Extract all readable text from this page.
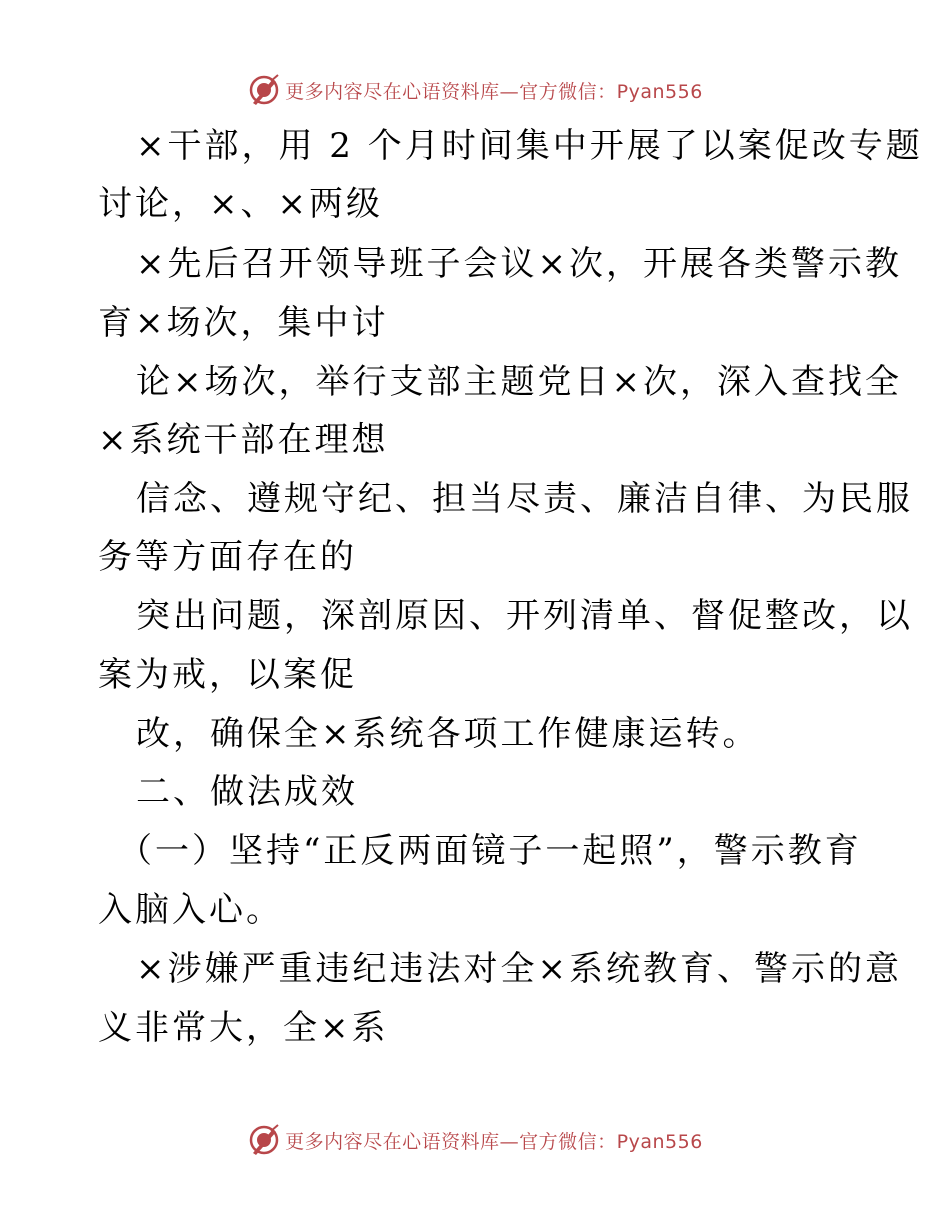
更多内容尽在心语资料库—官方微信：Pyan556
×干部，用 2 个月时间集中开展了以案促改专题
讨论，×、×两级
×先后召开领导班子会议×次，开展各类警示教
育×场次，集中讨
论×场次，举行支部主题党日×次，深入查找全
×系统干部在理想
信念、遵规守纪、担当尽责、廉洁自律、为民服
务等方面存在的
突出问题，深剖原因、开列清单、督促整改，以
案为戒，以案促
改，确保全×系统各项工作健康运转。
二、做法成效
（一）坚持“正反两面镜子一起照”，警示教育
入脑入心。
×涉嫌严重违纪违法对全×系统教育、警示的意
义非常大，全×系
更多内容尽在心语资料库—官方微信：Pyan556
